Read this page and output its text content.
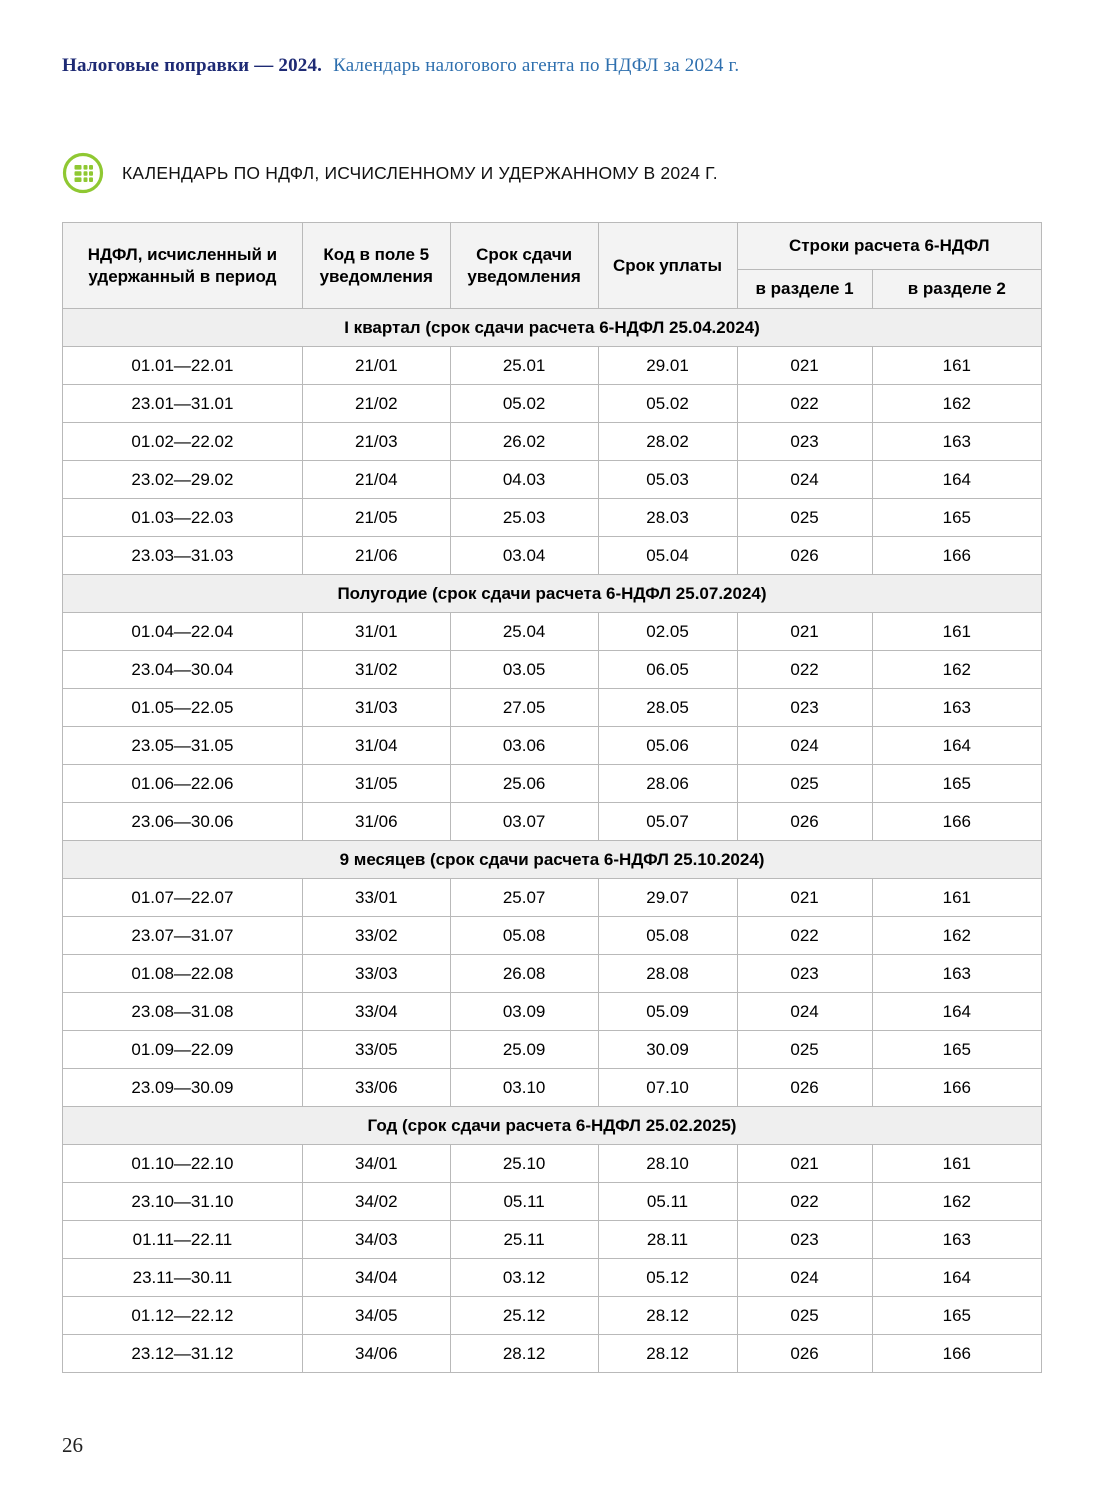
Налоговые поправки — 2024. Календарь налогового агента по НДФЛ за 2024 г.
КАЛЕНДАРЬ ПО НДФЛ, ИСЧИСЛЕННОМУ И УДЕРЖАННОМУ В 2024 Г.
НДФЛ, исчисленный и удержанный в период	Код в поле 5 уведомления	Срок сдачи уведомления	Срок уплаты	Строки расчета 6-НДФЛ	
				в разделе 1	в разделе 2
I квартал (срок сдачи расчета 6-НДФЛ 25.04.2024)					
01.01—22.01	21/01	25.01	29.01	021	161
23.01—31.01	21/02	05.02	05.02	022	162
01.02—22.02	21/03	26.02	28.02	023	163
23.02—29.02	21/04	04.03	05.03	024	164
01.03—22.03	21/05	25.03	28.03	025	165
23.03—31.03	21/06	03.04	05.04	026	166
Полугодие (срок сдачи расчета 6-НДФЛ 25.07.2024)					
01.04—22.04	31/01	25.04	02.05	021	161
23.04—30.04	31/02	03.05	06.05	022	162
01.05—22.05	31/03	27.05	28.05	023	163
23.05—31.05	31/04	03.06	05.06	024	164
01.06—22.06	31/05	25.06	28.06	025	165
23.06—30.06	31/06	03.07	05.07	026	166
9 месяцев (срок сдачи расчета 6-НДФЛ 25.10.2024)					
01.07—22.07	33/01	25.07	29.07	021	161
23.07—31.07	33/02	05.08	05.08	022	162
01.08—22.08	33/03	26.08	28.08	023	163
23.08—31.08	33/04	03.09	05.09	024	164
01.09—22.09	33/05	25.09	30.09	025	165
23.09—30.09	33/06	03.10	07.10	026	166
Год (срок сдачи расчета 6-НДФЛ 25.02.2025)					
01.10—22.10	34/01	25.10	28.10	021	161
23.10—31.10	34/02	05.11	05.11	022	162
01.11—22.11	34/03	25.11	28.11	023	163
23.11—30.11	34/04	03.12	05.12	024	164
01.12—22.12	34/05	25.12	28.12	025	165
23.12—31.12	34/06	28.12	28.12	026	166
26
